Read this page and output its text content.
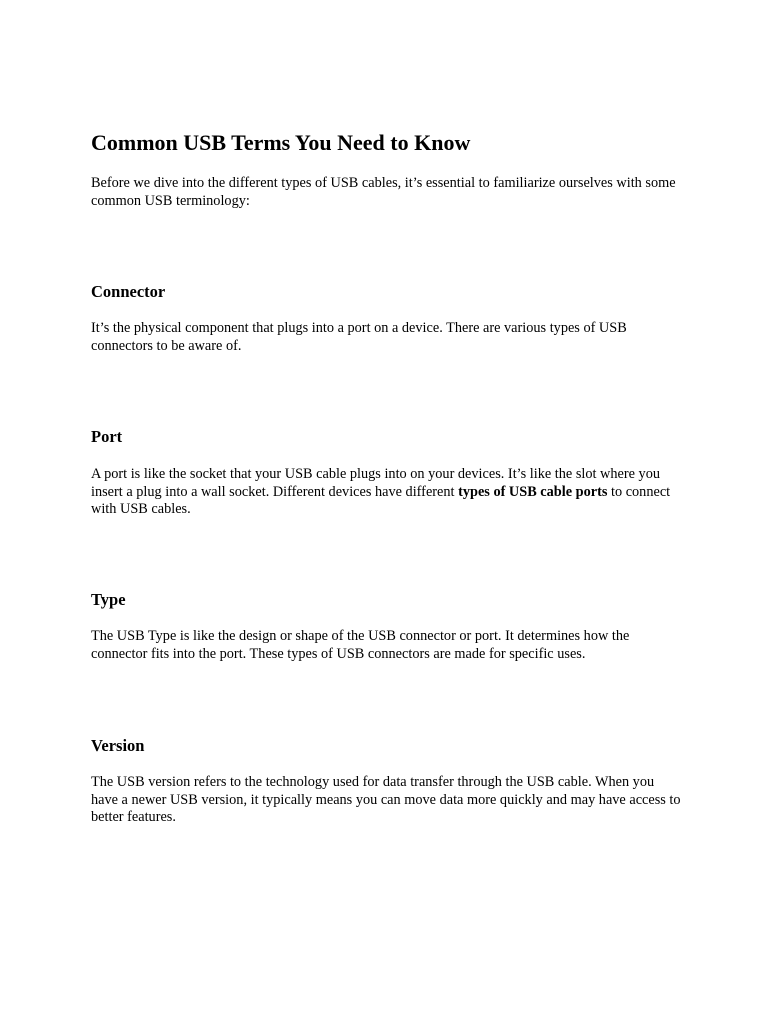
Common USB Terms You Need to Know

Before we dive into the different types of USB cables, it’s essential to familiarize ourselves with some common USB terminology:

Connector

It’s the physical component that plugs into a port on a device. There are various types of USB connectors to be aware of.

Port

A port is like the socket that your USB cable plugs into on your devices. It’s like the slot where you insert a plug into a wall socket. Different devices have different types of USB cable ports to connect with USB cables.

Type

The USB Type is like the design or shape of the USB connector or port. It determines how the connector fits into the port. These types of USB connectors are made for specific uses.

Version

The USB version refers to the technology used for data transfer through the USB cable. When you have a newer USB version, it typically means you can move data more quickly and may have access to better features.
